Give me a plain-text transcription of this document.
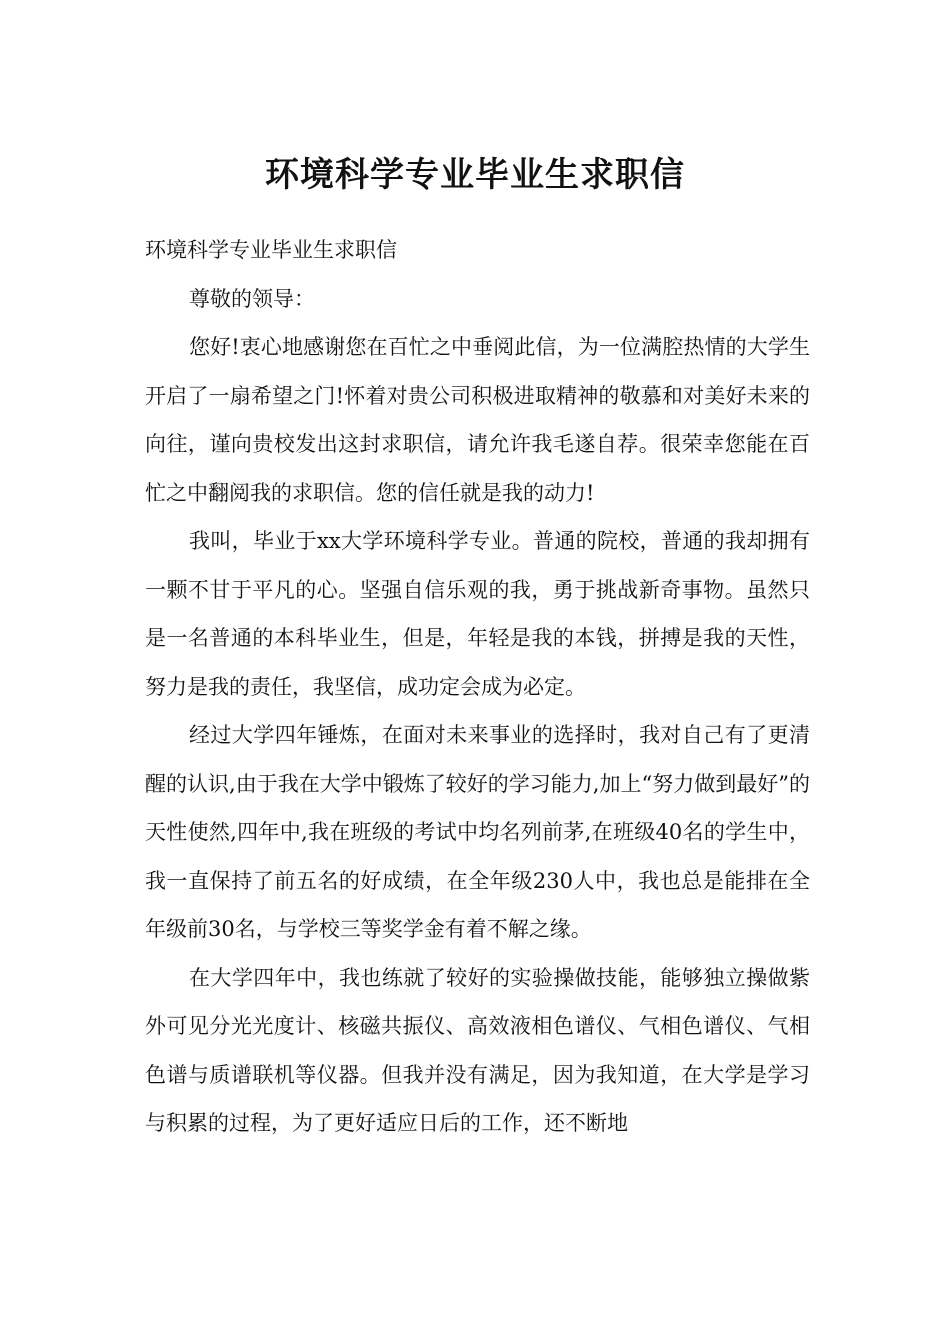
环境科学专业毕业生求职信

环境科学专业毕业生求职信

尊敬的领导：

您好!衷心地感谢您在百忙之中垂阅此信，为一位满腔热情的大学生开启了一扇希望之门!怀着对贵公司积极进取精神的敬慕和对美好未来的向往，谨向贵校发出这封求职信，请允许我毛遂自荐。很荣幸您能在百忙之中翻阅我的求职信。您的信任就是我的动力!

我叫，毕业于xx大学环境科学专业。普通的院校，普通的我却拥有一颗不甘于平凡的心。坚强自信乐观的我，勇于挑战新奇事物。虽然只是一名普通的本科毕业生，但是，年轻是我的本钱，拼搏是我的天性，努力是我的责任，我坚信，成功定会成为必定。

经过大学四年锤炼，在面对未来事业的选择时，我对自己有了更清醒的认识,由于我在大学中锻炼了较好的学习能力,加上“努力做到最好”的天性使然,四年中,我在班级的考试中均名列前茅,在班级40名的学生中，我一直保持了前五名的好成绩，在全年级230人中，我也总是能排在全年级前30名，与学校三等奖学金有着不解之缘。

在大学四年中，我也练就了较好的实验操做技能，能够独立操做紫外可见分光光度计、核磁共振仪、高效液相色谱仪、气相色谱仪、气相色谱与质谱联机等仪器。但我并没有满足，因为我知道，在大学是学习与积累的过程，为了更好适应日后的工作，还不断地
